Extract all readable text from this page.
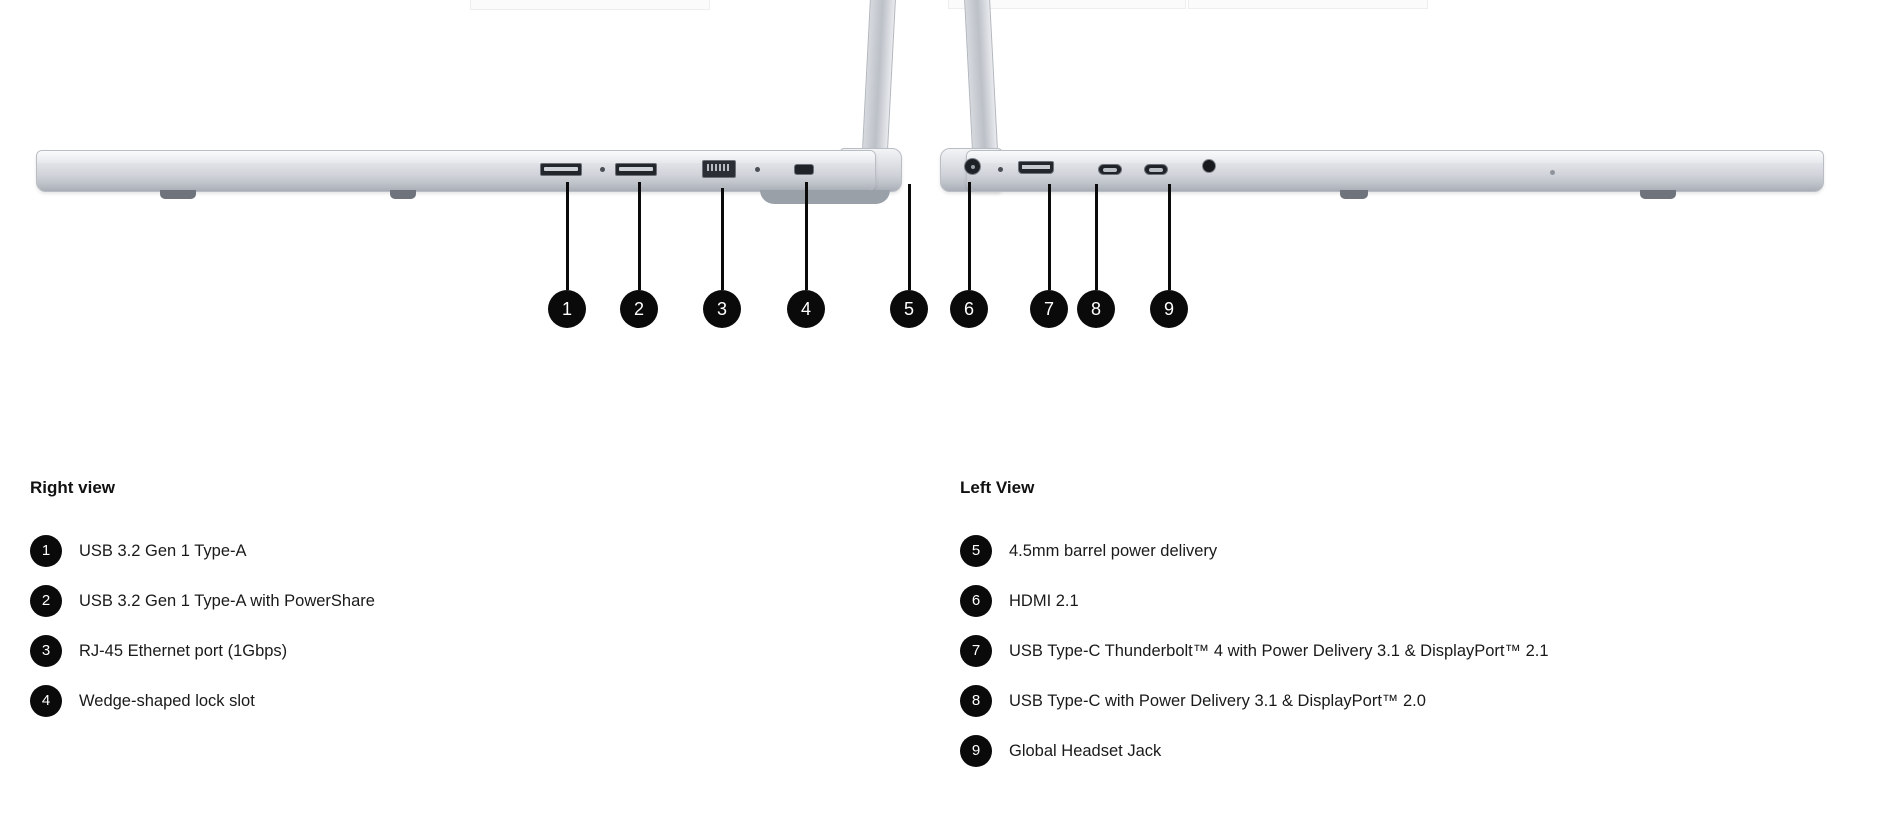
1	2	3	4	5	6	7	8	9
Right view
1	USB 3.2 Gen 1 Type-A
2	USB 3.2 Gen 1 Type-A with PowerShare
3	RJ-45 Ethernet port (1Gbps)
4	Wedge-shaped lock slot
Left View
5	4.5mm barrel power delivery
6	HDMI 2.1
7	USB Type-C Thunderbolt™ 4 with Power Delivery 3.1 & DisplayPort™ 2.1
8	USB Type-C with Power Delivery 3.1 & DisplayPort™ 2.0
9	Global Headset Jack
